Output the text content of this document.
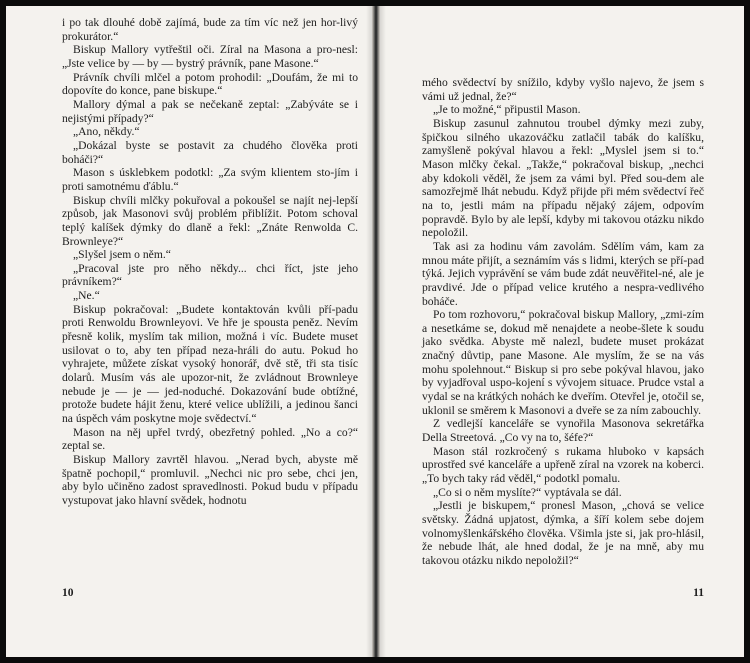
i po tak dlouhé době zajímá, bude za tím víc než jen hor-livý prokurátor.“

Biskup Mallory vytřeštil oči. Zíral na Masona a pro-nesl: „Jste velice by — by — bystrý právník, pane Masone.“

Právník chvíli mlčel a potom prohodil: „Doufám, že mi to dopovíte do konce, pane biskupe.“

Mallory dýmal a pak se nečekaně zeptal: „Zabýváte se i nejistými případy?“

„Ano, někdy.“

„Dokázal byste se postavit za chudého člověka proti boháči?“

Mason s úsklebkem podotkl: „Za svým klientem sto-jím i proti samotnému ďáblu.“

Biskup chvíli mlčky pokuřoval a pokoušel se najít nej-lepší způsob, jak Masonovi svůj problém přiblížit. Potom schoval teplý kalíšek dýmky do dlaně a řekl: „Znáte Renwolda C. Brownleye?“

„Slyšel jsem o něm.“

„Pracoval jste pro něho někdy... chci říct, jste jeho právníkem?“

„Ne.“

Biskup pokračoval: „Budete kontaktován kvůli pří-padu proti Renwoldu Brownleyovi. Ve hře je spousta peněz. Nevím přesně kolik, myslím tak milion, možná i víc. Budete muset usilovat o to, aby ten případ nezа-hráli do autu. Pokud ho vyhrajete, můžete získat vysoký honorář, dvě stě, tři sta tisíc dolarů. Musím vás ale upozor-nit, že zvládnout Brownleye nebude je — je — jed-noduché. Dokazování bude obtížné, protože budete hájit ženu, které velice ublížili, a jedinou šanci na úspěch vám poskytne moje svědectví.“

Mason na něj upřel tvrdý, obezřetný pohled. „No a co?“ zeptal se.

Biskup Mallory zavrtěl hlavou. „Nerad bych, abyste mě špatně pochopil,“ promluvil. „Nechci nic pro sebe, chci jen, aby bylo učiněno zadost spravedlnosti. Pokud budu v případu vystupovat jako hlavní svědek, hodnotu

10

mého svědectví by snížilo, kdyby vyšlo najevo, že jsem s vámi už jednal, že?“

„Je to možné,“ připustil Mason.

Biskup zasunul zahnutou troubel dýmky mezi zuby, špičkou silného ukazováčku zatlačil tabák do kalíšku, zamyšleně pokýval hlavou a řekl: „Myslel jsem si to.“ Mason mlčky čekal. „Takže,“ pokračoval biskup, „nechci aby kdokoli věděl, že jsem za vámi byl. Před sou-dem ale samozřejmě lhát nebudu. Když přijde při mém svědectví řeč na to, jestli mám na případu nějaký zájem, odpovím popravdě. Bylo by ale lepší, kdyby mi takovou otázku nikdo nepoložil.

Tak asi za hodinu vám zavolám. Sdělím vám, kam za mnou máte přijít, a seznámím vás s lidmi, kterých se pří-pad týká. Jejich vyprávění se vám bude zdát neuvěřitel-né, ale je pravdivé. Jde o případ velice krutého a nespra-vedlivého boháče.

Po tom rozhovoru,“ pokračoval biskup Mallory, „zmi-zím a nesetkáme se, dokud mě nenajdete a neobe-šlete k soudu jako svědka. Abyste mě nalezl, budete muset prokázat značný důvtip, pane Masone. Ale myslím, že se na vás mohu spolehnout.“ Biskup si pro sebe pokýval hlavou, jako by vyjadřoval uspo-kojení s vývojem situace. Prudce vstal a vydal se na krátkých nohách ke dveřím. Otevřel je, otočil se, uklonil se směrem k Masonovi a dveře se za ním zabouchly.

Z vedlejší kanceláře se vynořila Masonova sekretářka Della Streetová. „Co vy na to, šéfe?“

Mason stál rozkročený s rukama hluboko v kapsách uprostřed své kanceláře a upřeně zíral na vzorek na koberci. „To bych taky rád věděl,“ podotkl pomalu.

„Co si o něm myslíte?“ vyptávala se dál.

„Jestli je biskupem,“ pronesl Mason, „chová se velice světsky. Žádná upjatost, dýmka, a šíří kolem sebe dojem volnomyšlenkářského člověka. Všimla jste si, jak pro-hlásil, že nebude lhát, ale hned dodal, že je na mně, aby mu takovou otázku nikdo nepoložil?“

11
